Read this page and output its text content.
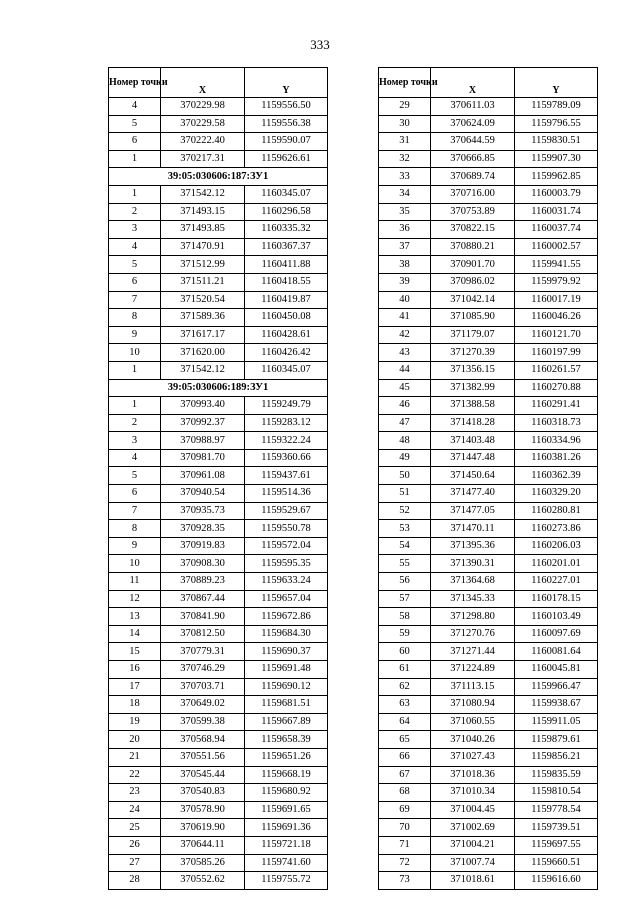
333
Номер точки	X	Y
4	370229.98	1159556.50
5	370229.58	1159556.38
6	370222.40	1159590.07
1	370217.31	1159626.61
39:05:030606:187:ЗУ1		
1	371542.12	1160345.07
2	371493.15	1160296.58
3	371493.85	1160335.32
4	371470.91	1160367.37
5	371512.99	1160411.88
6	371511.21	1160418.55
7	371520.54	1160419.87
8	371589.36	1160450.08
9	371617.17	1160428.61
10	371620.00	1160426.42
1	371542.12	1160345.07
39:05:030606:189:ЗУ1		
1	370993.40	1159249.79
2	370992.37	1159283.12
3	370988.97	1159322.24
4	370981.70	1159360.66
5	370961.08	1159437.61
6	370940.54	1159514.36
7	370935.73	1159529.67
8	370928.35	1159550.78
9	370919.83	1159572.04
10	370908.30	1159595.35
11	370889.23	1159633.24
12	370867.44	1159657.04
13	370841.90	1159672.86
14	370812.50	1159684.30
15	370779.31	1159690.37
16	370746.29	1159691.48
17	370703.71	1159690.12
18	370649.02	1159681.51
19	370599.38	1159667.89
20	370568.94	1159658.39
21	370551.56	1159651.26
22	370545.44	1159668.19
23	370540.83	1159680.92
24	370578.90	1159691.65
25	370619.90	1159691.36
26	370644.11	1159721.18
27	370585.26	1159741.60
28	370552.62	1159755.72
Номер точки	X	Y
29	370611.03	1159789.09
30	370624.09	1159796.55
31	370644.59	1159830.51
32	370666.85	1159907.30
33	370689.74	1159962.85
34	370716.00	1160003.79
35	370753.89	1160031.74
36	370822.15	1160037.74
37	370880.21	1160002.57
38	370901.70	1159941.55
39	370986.02	1159979.92
40	371042.14	1160017.19
41	371085.90	1160046.26
42	371179.07	1160121.70
43	371270.39	1160197.99
44	371356.15	1160261.57
45	371382.99	1160270.88
46	371388.58	1160291.41
47	371418.28	1160318.73
48	371403.48	1160334.96
49	371447.48	1160381.26
50	371450.64	1160362.39
51	371477.40	1160329.20
52	371477.05	1160280.81
53	371470.11	1160273.86
54	371395.36	1160206.03
55	371390.31	1160201.01
56	371364.68	1160227.01
57	371345.33	1160178.15
58	371298.80	1160103.49
59	371270.76	1160097.69
60	371271.44	1160081.64
61	371224.89	1160045.81
62	371113.15	1159966.47
63	371080.94	1159938.67
64	371060.55	1159911.05
65	371040.26	1159879.61
66	371027.43	1159856.21
67	371018.36	1159835.59
68	371010.34	1159810.54
69	371004.45	1159778.54
70	371002.69	1159739.51
71	371004.21	1159697.55
72	371007.74	1159660.51
73	371018.61	1159616.60
